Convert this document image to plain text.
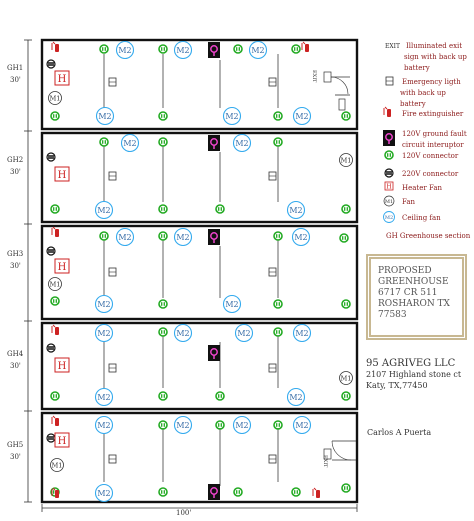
GH1
30'
GH2
30'
GH3
30'
GH4
30'
GH5
30'
100'
M2	M2	M2
M2	M2	M2
M2	M2
M2	M2
M2	M2	M2
M2	M2
M2	M2	M2	M2
M2	M2
M2	M2	M2	M2
M2
M1
M1
M1
M1
M1
H
H
H
H
H
EXIT
EXIT
EXIT Illuminated exit
sign with back up
battery
Emergency ligth
with back up
battery
Fire extinguisher
120V ground fault
circuit interuptor
120V connector
220V connector
H Heater Fan
M1 Fan
M2 Ceiling fan
GH Greenhouse section
PROPOSED
GREENHOUSE
6717 CR 511
ROSHARON TX
77583
95 AGRIVEG LLC
2107 Highland stone ct
Katy, TX,77450
Carlos A Puerta
